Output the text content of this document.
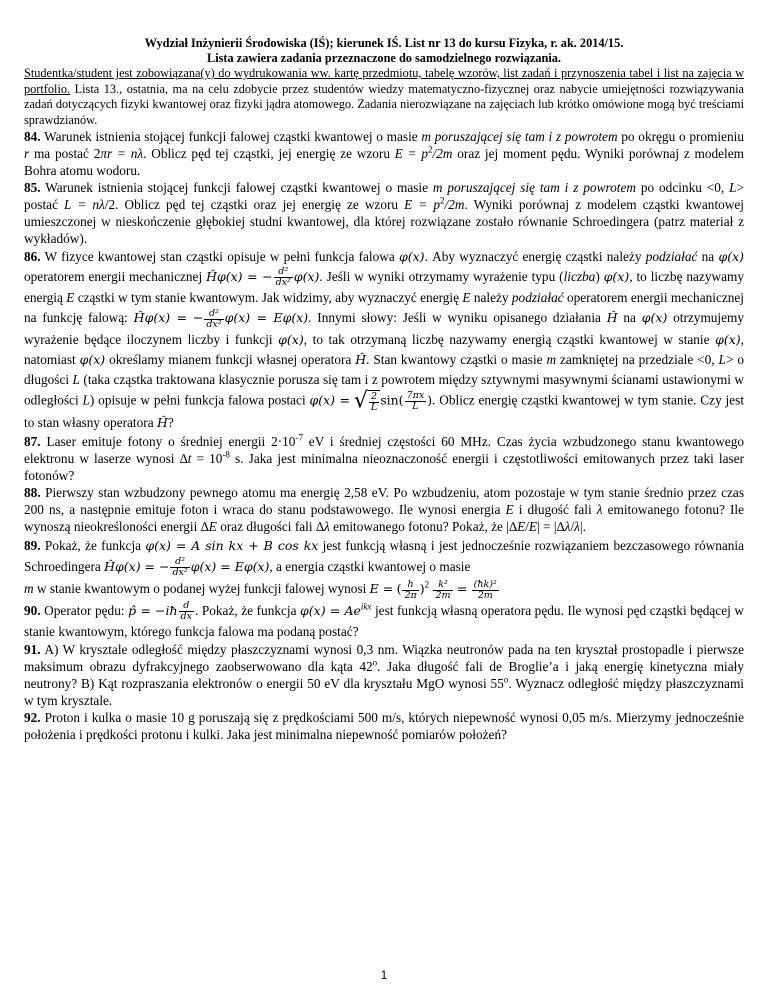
Wydział Inżynierii Środowiska (IŚ); kierunek IŚ. List nr 13 do kursu Fizyka, r. ak. 2014/15.
Lista zawiera zadania przeznaczone do samodzielnego rozwiązania.
Studentka/student jest zobowiązana(y) do wydrukowania ww. kartę przedmiotu, tabelę wzorów, list zadań i przynoszenia tabel i list na zajęcia w portfolio. Lista 13., ostatnia, ma na celu zdobycie przez studentów wiedzy matematyczno-fizycznej oraz nabycie umiejętności rozwiązywania zadań dotyczących fizyki kwantowej oraz fizyki jądra atomowego. Zadania nierozwiązane na zajęciach lub krótko omówione mogą być treściami sprawdzianów.

84. Warunek istnienia stojącej funkcji falowej cząstki kwantowej o masie m poruszającej się tam i z powrotem po okręgu o promieniu r ma postać 2πr = nλ. Oblicz pęd tej cząstki, jej energię ze wzoru $E = p^2/2m$ oraz jej moment pędu. Wyniki porównaj z modelem Bohra atomu wodoru.

85. Warunek istnienia stojącej funkcji falowej cząstki kwantowej o masie m poruszającej się tam i z powrotem po odcinku <0, L> postać L = nλ/2. Oblicz pęd tej cząstki oraz jej energię ze wzoru $E = p^2/2m$. Wyniki porównaj z modelem cząstki kwantowej umieszczonej w nieskończenie głębokiej studni kwantowej, dla której rozwiązane zostało równanie Schroedingera (patrz materiał z wykładów).

86. W fizyce kwantowej stan cząstki opisuje w pełni funkcja falowa φ(x). Aby wyznaczyć energię cząstki należy podziałać na φ(x) operatorem energii mechanicznej Ĥφ(x) = − $\frac{\text{d²}}{\text{dx²}} \varphi(x)$. Jeśli w wyniki otrzymamy wyrażenie typu (liczba) φ(x), to liczbę nazywamy energią E cząstki w tym stanie kwantowym. Jak widzimy, aby wyznaczyć energię E należy podziałać operatorem energii mechanicznej na funkcję falową: Ĥφ(x) = − $\frac{\text{d²}}{\text{dx²}} \varphi(x) = E\varphi(x)$. Innymi słowy: Jeśli w wyniku opisanego działania Ĥ na φ(x) otrzymujemy wyrażenie będące iloczynem liczby i funkcji φ(x), to tak otrzymaną liczbę nazywamy energią cząstki kwantowej w stanie φ(x), natomiast φ(x) określamy mianem funkcji własnej operatora Ĥ. Stan kwantowy cząstki o masie m zamkniętej na przedziale <0, L> o długości L (taka cząstka traktowana klasycznie porusza się tam i z powrotem między sztywnymi masywnymi ścianami ustawionymi w odległości L) opisuje w pełni funkcja falowa postaci φ(x) = √ $\frac{2}{L} \sin( \frac{7\pi x}{L}$ ). Oblicz energię cząstki kwantowej w tym stanie. Czy jest to stan własny operatora Ĥ?

87. Laser emituje fotony o średniej energii $2\cdot 10^{-7}$ eV i średniej częstości 60 MHz. Czas życia wzbudzonego stanu kwantowego elektronu w laserze wynosi $\Delta t = 10^{-8}$ s. Jaka jest minimalna nieoznaczoność energii i częstotliwości emitowanych przez taki laser fotonów?

88. Pierwszy stan wzbudzony pewnego atomu ma energię 2,58 eV. Po wzbudzeniu, atom pozostaje w tym stanie średnio przez czas 200 ns, a następnie emituje foton i wraca do stanu podstawowego. Ile wynosi energia E i długość fali λ emitowanego fotonu? Ile wynoszą nieokreśloności energii ∆E oraz długości fali ∆λ emitowanego fotonu? Pokaż, że |∆E/E| = |∆λ/λ|.

89. Pokaż, że funkcja φ(x) = A sin kx + B cos kx jest funkcją własną i jest jednocześnie rozwiązaniem bezczasowego równania Schroedingera Ĥφ(x) = − $\frac{\text{d²}}{\text{dx²}} \varphi(x) = E\varphi(x)$, a energia cząstki kwantowej o masie
m w stanie kwantowym o podanej wyżej funkcji falowej wynosi E = ( $\frac{h}{2\pi} )^2 \frac{\text{k²}}{2m} = \frac{\text{(ħk)²}}{2m}$

90. Operator pędu: p̂ = −iħ $\frac{d}{dx}$ . Pokaż, że funkcja $\varphi(x) = Ae^{ikx}$ jest funkcją własną operatora pędu. Ile wynosi pęd cząstki będącej w stanie kwantowym, którego funkcja falowa ma podaną postać?

91. A) W krysztale odległość między płaszczyznami wynosi 0,3 nm. Wiązka neutronów pada na ten kryształ prostopadle i pierwsze maksimum obrazu dyfrakcyjnego zaobserwowano dla kąta 42$^o$. Jaka długość fali de Broglie’a i jaką energię kinetyczna miały neutrony? B) Kąt rozpraszania elektronów o energii 50 eV dla kryształu MgO wynosi 55$^o$. Wyznacz odległość między płaszczyznami w tym krysztale.

92. Proton i kulka o masie 10 g poruszają się z prędkościami 500 m/s, których niepewność wynosi 0,05 m/s. Mierzymy jednocześnie położenia i prędkości protonu i kulki. Jaka jest minimalna niepewność pomiarów położeń?

1
